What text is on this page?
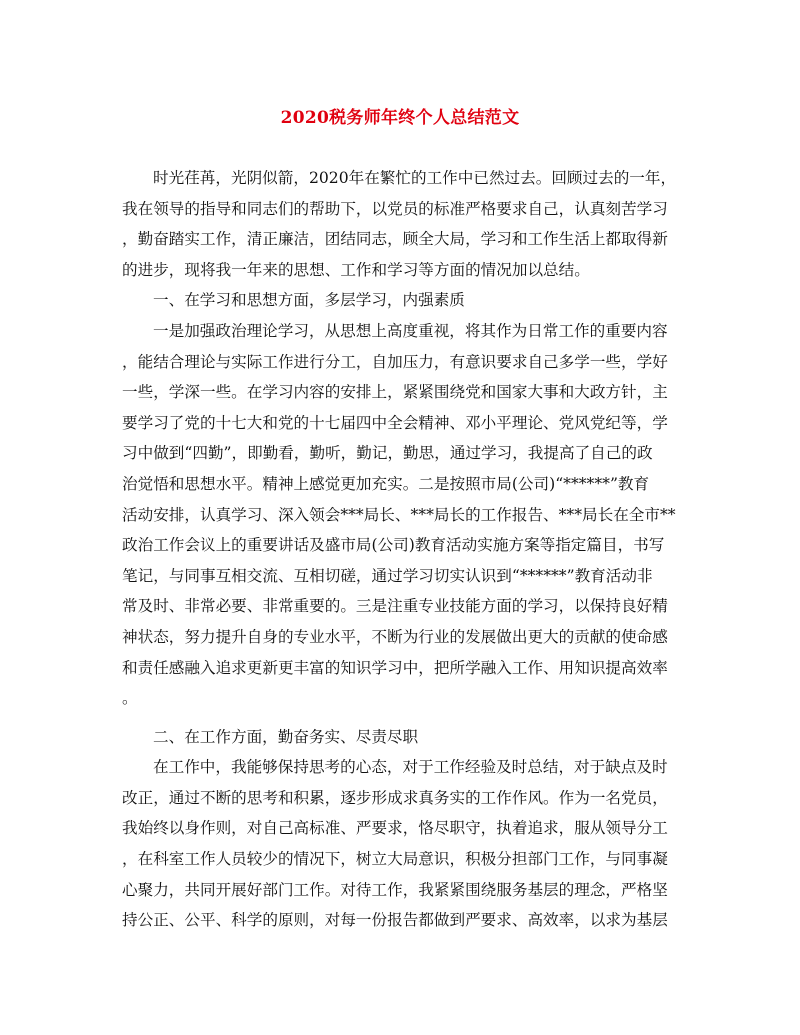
2020税务师年终个人总结范文
时光荏苒，光阴似箭，2020年在繁忙的工作中已然过去。回顾过去的一年，
我在领导的指导和同志们的帮助下，以党员的标准严格要求自己，认真刻苦学习
，勤奋踏实工作，清正廉洁，团结同志，顾全大局，学习和工作生活上都取得新
的进步，现将我一年来的思想、工作和学习等方面的情况加以总结。
一、在学习和思想方面，多层学习，内强素质
一是加强政治理论学习，从思想上高度重视，将其作为日常工作的重要内容
，能结合理论与实际工作进行分工，自加压力，有意识要求自己多学一些，学好
一些，学深一些。在学习内容的安排上，紧紧围绕党和国家大事和大政方针，主
要学习了党的十七大和党的十七届四中全会精神、邓小平理论、党风党纪等，学
习中做到“四勤”，即勤看，勤听，勤记，勤思，通过学习，我提高了自己的政
治觉悟和思想水平。精神上感觉更加充实。二是按照市局(公司)“******”教育
活动安排，认真学习、深入领会***局长、***局长的工作报告、***局长在全市**
政治工作会议上的重要讲话及盛市局(公司)教育活动实施方案等指定篇目，书写
笔记，与同事互相交流、互相切磋，通过学习切实认识到“******”教育活动非
常及时、非常必要、非常重要的。三是注重专业技能方面的学习，以保持良好精
神状态，努力提升自身的专业水平，不断为行业的发展做出更大的贡献的使命感
和责任感融入追求更新更丰富的知识学习中，把所学融入工作、用知识提高效率
。
二、在工作方面，勤奋务实、尽责尽职
在工作中，我能够保持思考的心态，对于工作经验及时总结，对于缺点及时
改正，通过不断的思考和积累，逐步形成求真务实的工作作风。作为一名党员，
我始终以身作则，对自己高标准、严要求，恪尽职守，执着追求，服从领导分工
，在科室工作人员较少的情况下，树立大局意识，积极分担部门工作，与同事凝
心聚力，共同开展好部门工作。对待工作，我紧紧围绕服务基层的理念，严格坚
持公正、公平、科学的原则，对每一份报告都做到严要求、高效率，以求为基层
